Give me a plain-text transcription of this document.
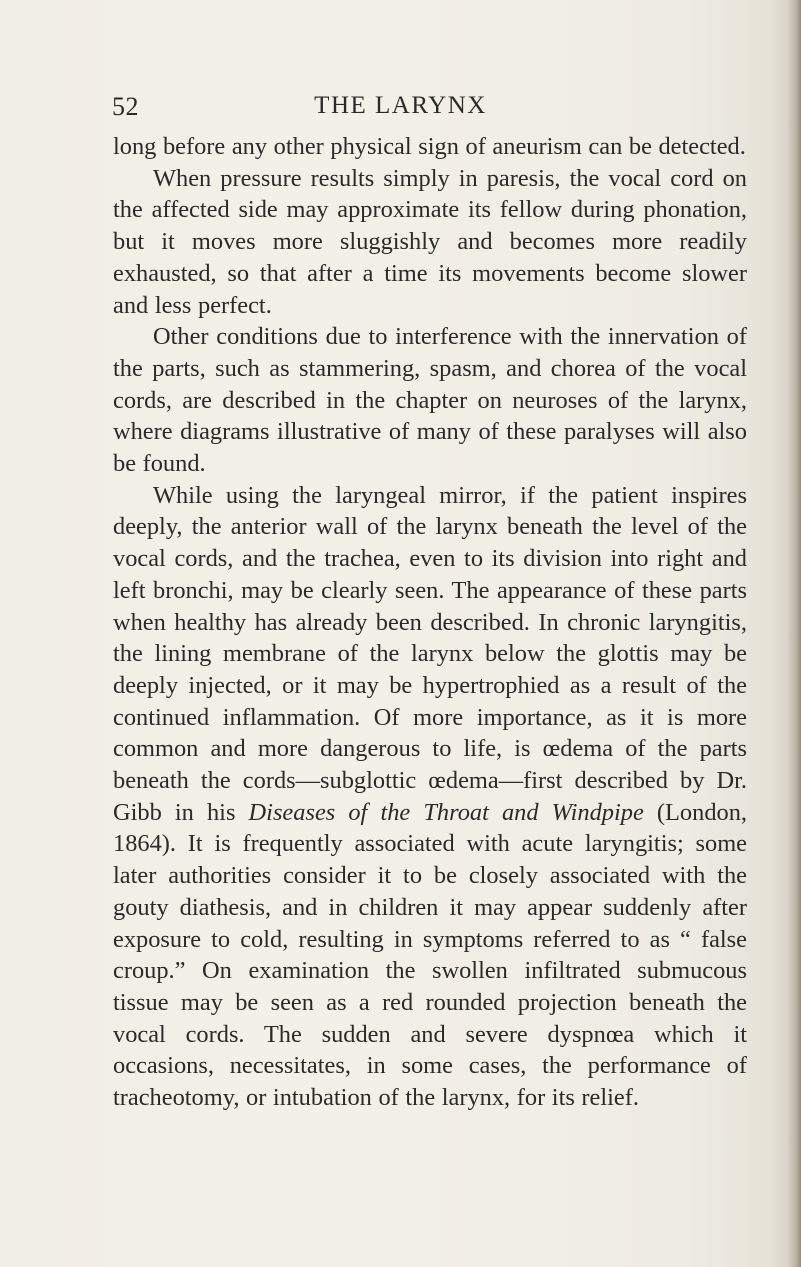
52	THE LARYNX

long before any other physical sign of aneurism can be detected.

When pressure results simply in paresis, the vocal cord on the affected side may approximate its fellow during phonation, but it moves more sluggishly and becomes more readily exhausted, so that after a time its movements become slower and less perfect.

Other conditions due to interference with the innervation of the parts, such as stammering, spasm, and chorea of the vocal cords, are described in the chapter on neuroses of the larynx, where diagrams illustrative of many of these paralyses will also be found.

While using the laryngeal mirror, if the patient inspires deeply, the anterior wall of the larynx beneath the level of the vocal cords, and the trachea, even to its division into right and left bronchi, may be clearly seen. The appearance of these parts when healthy has already been described. In chronic laryngitis, the lining membrane of the larynx below the glottis may be deeply injected, or it may be hypertrophied as a result of the continued inflammation. Of more importance, as it is more common and more dangerous to life, is œdema of the parts beneath the cords—subglottic œdema—first described by Dr. Gibb in his Diseases of the Throat and Windpipe (London, 1864). It is frequently associated with acute laryngitis; some later authorities consider it to be closely associated with the gouty diathesis, and in children it may appear suddenly after exposure to cold, resulting in symptoms referred to as “ false croup.” On examination the swollen infiltrated submucous tissue may be seen as a red rounded projection beneath the vocal cords. The sudden and severe dyspnœa which it occasions, necessitates, in some cases, the performance of tracheotomy, or intubation of the larynx, for its relief.
